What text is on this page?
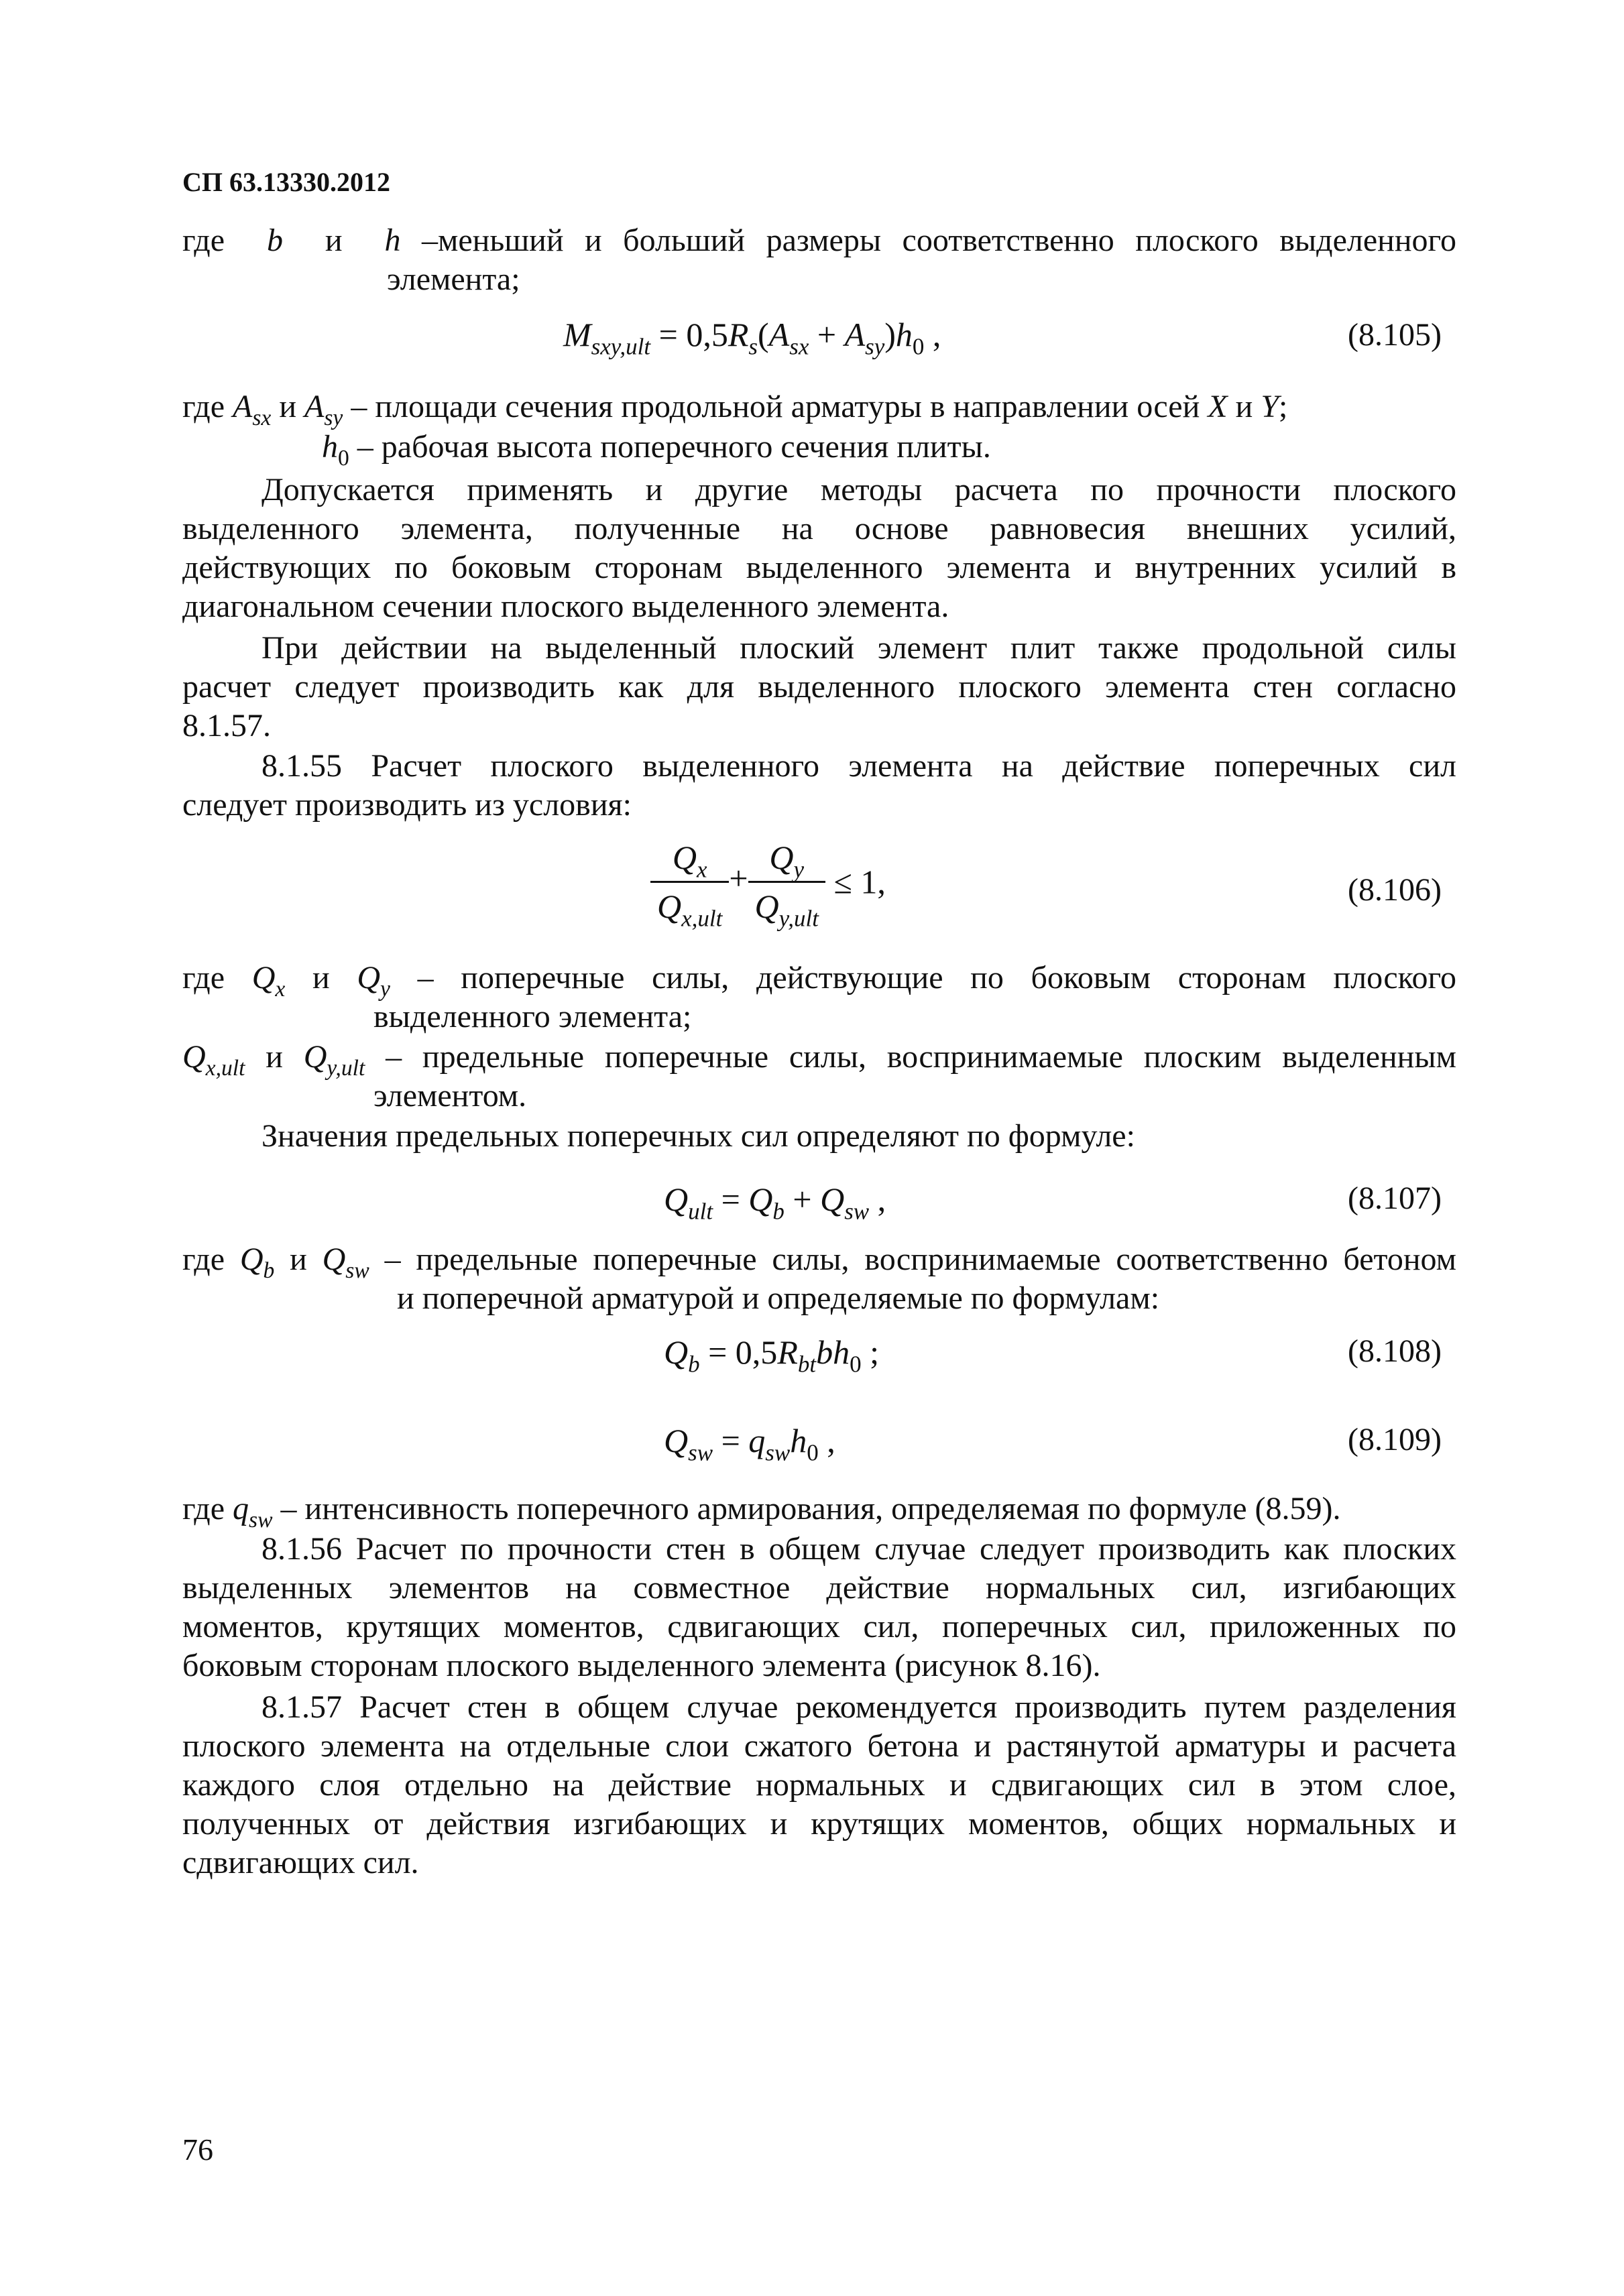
СП 63.13330.2012
где b и h –меньший и больший размеры соответственно плоского выделенного
элемента;
$M_{sxy,ult} = 0,5R_s(A_{sx} + A_{sy})h_0$ ,	(8.105)
где $A_{sx}$ и $A_{sy}$ – площади сечения продольной арматуры в направлении осей X и Y;
$h_0$ – рабочая высота поперечного сечения плиты.
Допускается применять и другие методы расчета по прочности плоского
выделенного элемента, полученные на основе равновесия внешних усилий,
действующих по боковым сторонам выделенного элемента и внутренних усилий в
диагональном сечении плоского выделенного элемента.
При действии на выделенный плоский элемент плит также продольной силы
расчет следует производить как для выделенного плоского элемента стен согласно
8.1.57.
8.1.55 Расчет плоского выделенного элемента на действие поперечных сил
следует производить из условия:
$\frac{Q_x}{Q_{x,ult}} + \frac{Q_y}{Q_{y,ult}} \le 1$,	(8.106)
где $Q_x$ и $Q_y$ – поперечные силы, действующие по боковым сторонам плоского
выделенного элемента;
$Q_{x,ult}$ и $Q_{y,ult}$ – предельные поперечные силы, воспринимаемые плоским выделенным
элементом.
Значения предельных поперечных сил определяют по формуле:
$Q_{ult} = Q_b + Q_{sw}$ ,	(8.107)
где $Q_b$ и $Q_{sw}$ – предельные поперечные силы, воспринимаемые соответственно бетоном
и поперечной арматурой и определяемые по формулам:
$Q_b = 0,5R_{bt}bh_0$ ;	(8.108)
$Q_{sw} = q_{sw}h_0$ ,	(8.109)
где $q_{sw}$ – интенсивность поперечного армирования, определяемая по формуле (8.59).
8.1.56 Расчет по прочности стен в общем случае следует производить как плоских
выделенных элементов на совместное действие нормальных сил, изгибающих
моментов, крутящих моментов, сдвигающих сил, поперечных сил, приложенных по
боковым сторонам плоского выделенного элемента (рисунок 8.16).
8.1.57 Расчет стен в общем случае рекомендуется производить путем разделения
плоского элемента на отдельные слои сжатого бетона и растянутой арматуры и расчета
каждого слоя отдельно на действие нормальных и сдвигающих сил в этом слое,
полученных от действия изгибающих и крутящих моментов, общих нормальных и
сдвигающих сил.
76
